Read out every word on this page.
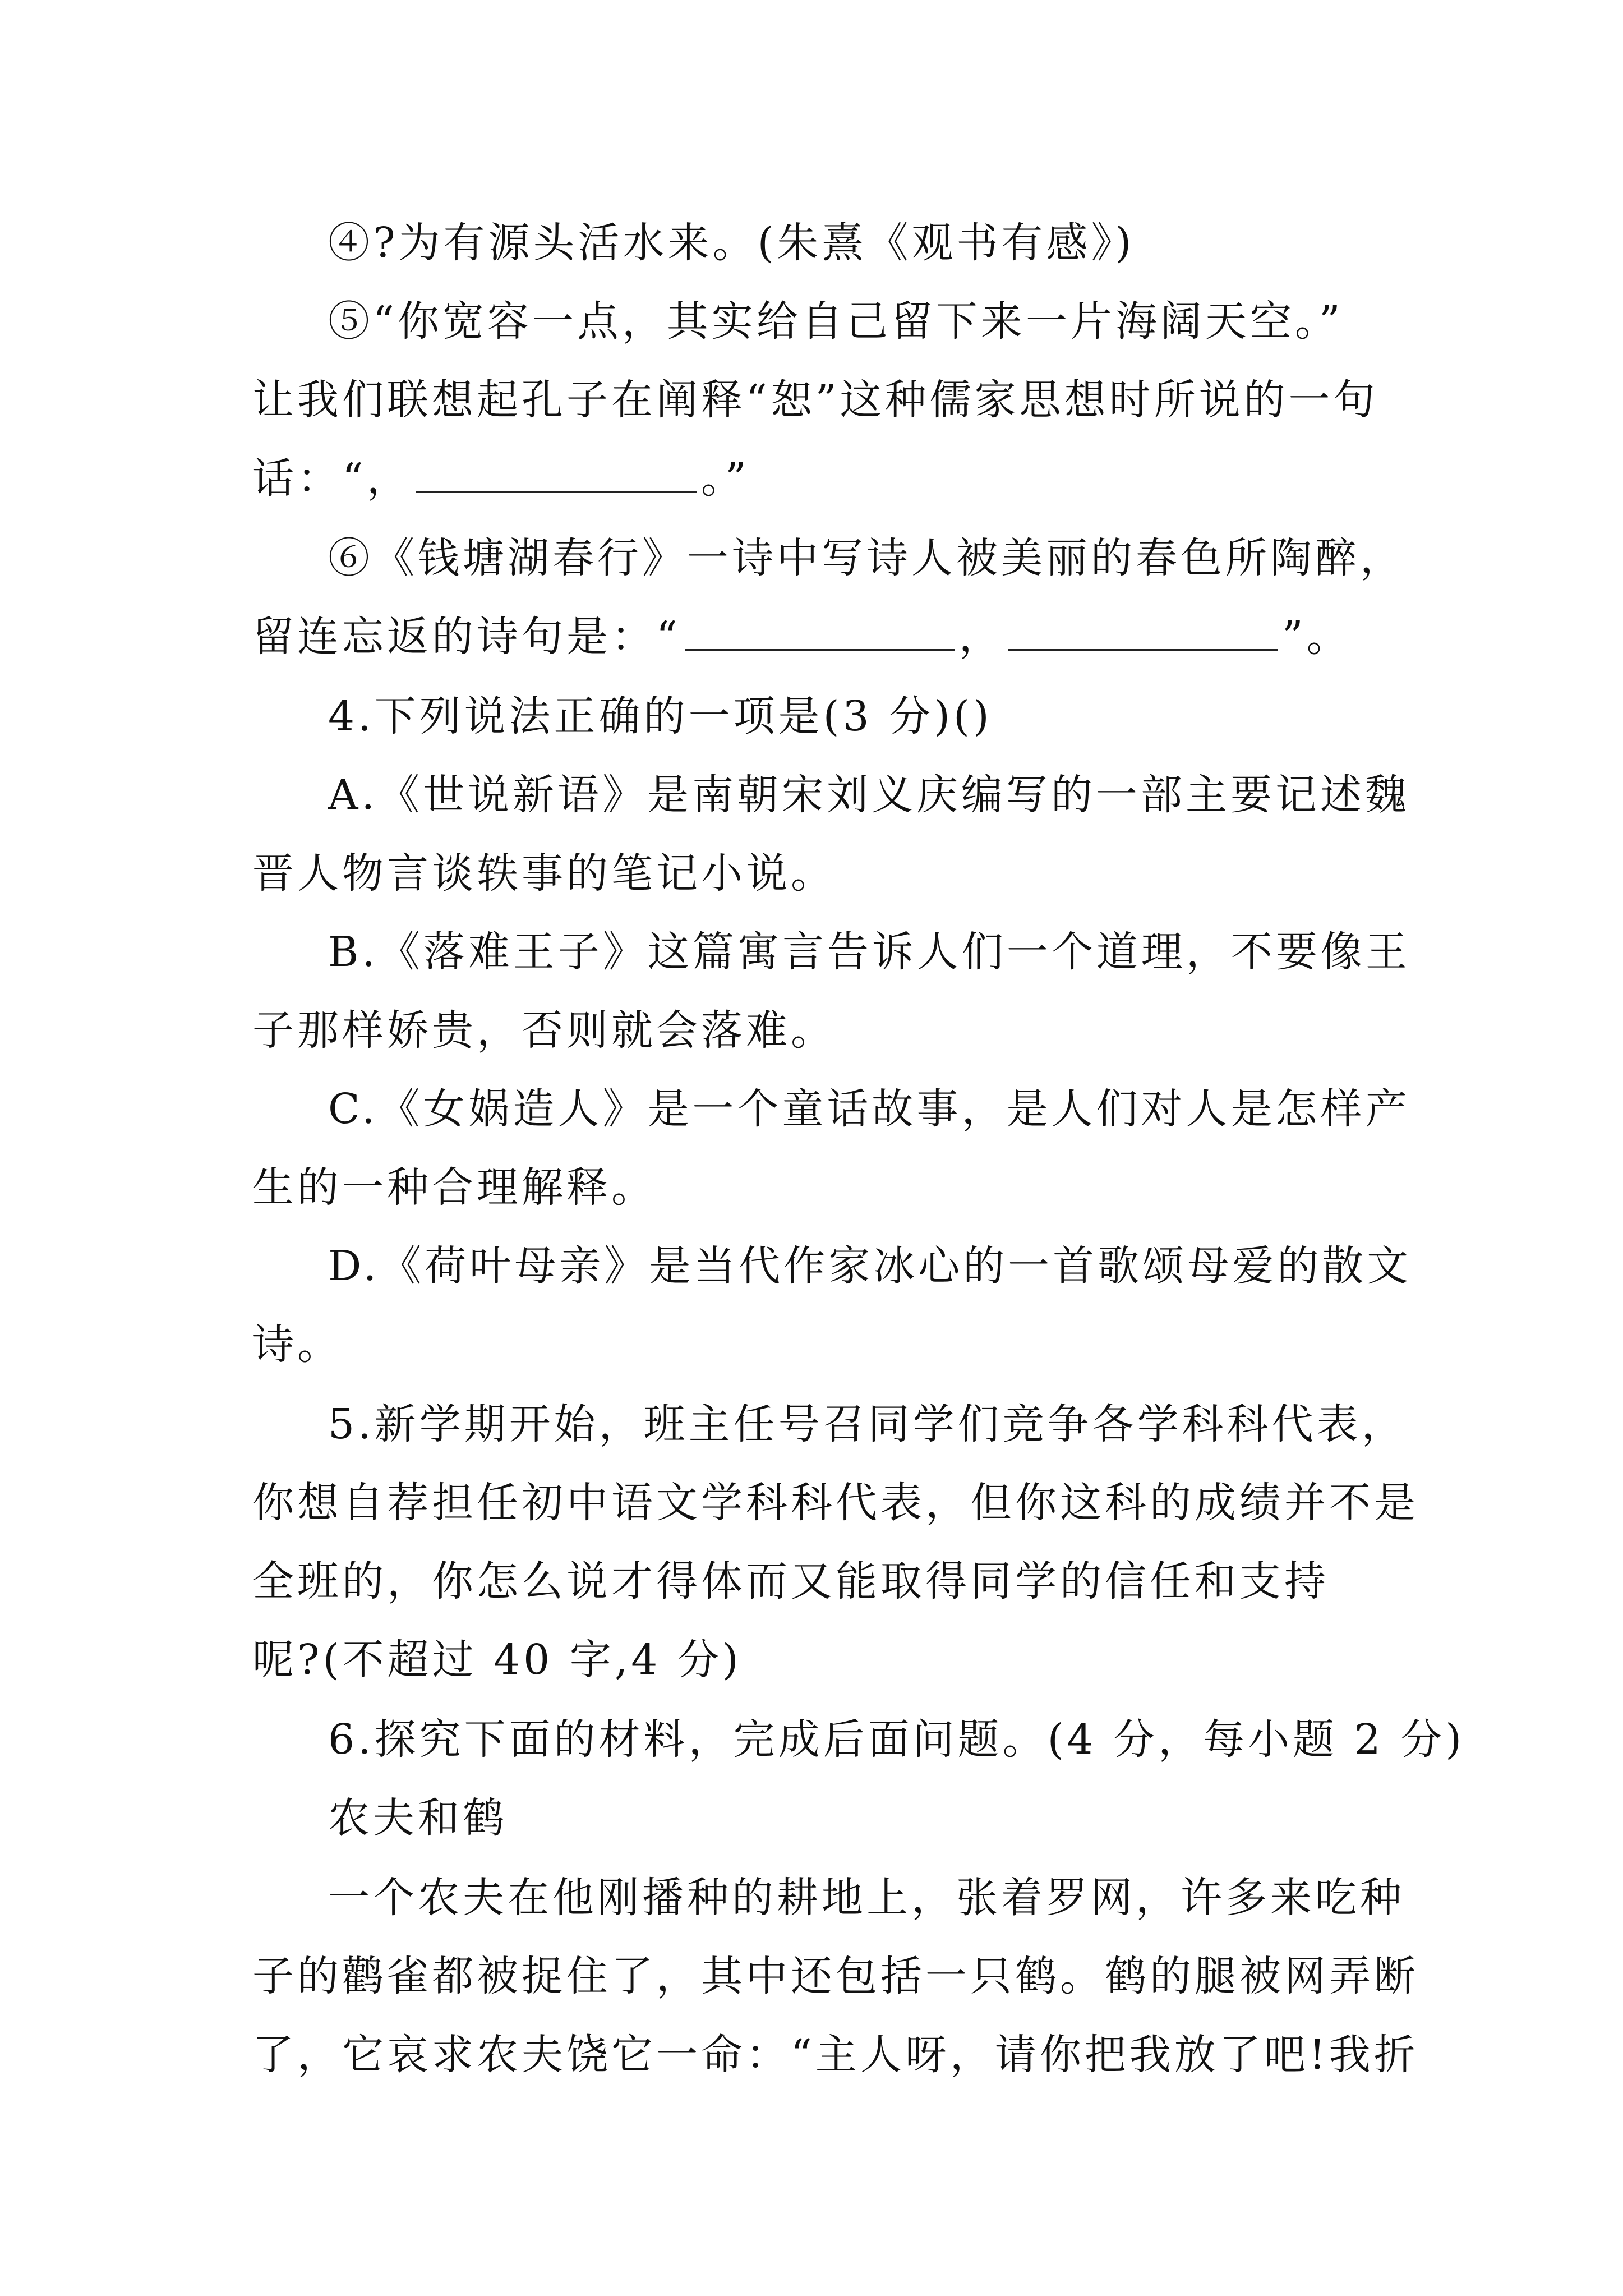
④?为有源头活水来。(朱熹《观书有感》)
⑤“你宽容一点，其实给自己留下来一片海阔天空。”
让我们联想起孔子在阐释“恕”这种儒家思想时所说的一句
话：“，	。”
⑥《钱塘湖春行》一诗中写诗人被美丽的春色所陶醉，
留连忘返的诗句是：“	，	”。
4.下列说法正确的一项是(3 分)()
A.《世说新语》是南朝宋刘义庆编写的一部主要记述魏
晋人物言谈轶事的笔记小说。
B.《落难王子》这篇寓言告诉人们一个道理，不要像王
子那样娇贵，否则就会落难。
C.《女娲造人》是一个童话故事，是人们对人是怎样产
生的一种合理解释。
D.《荷叶母亲》是当代作家冰心的一首歌颂母爱的散文
诗。
5.新学期开始，班主任号召同学们竞争各学科科代表，
你想自荐担任初中语文学科科代表，但你这科的成绩并不是
全班的，你怎么说才得体而又能取得同学的信任和支持
呢?(不超过 40 字,4 分)
6.探究下面的材料，完成后面问题。(4 分，每小题 2 分)
农夫和鹤
一个农夫在他刚播种的耕地上，张着罗网，许多来吃种
子的鹳雀都被捉住了，其中还包括一只鹤。鹤的腿被网弄断
了，它哀求农夫饶它一命：“主人呀，请你把我放了吧!我折
